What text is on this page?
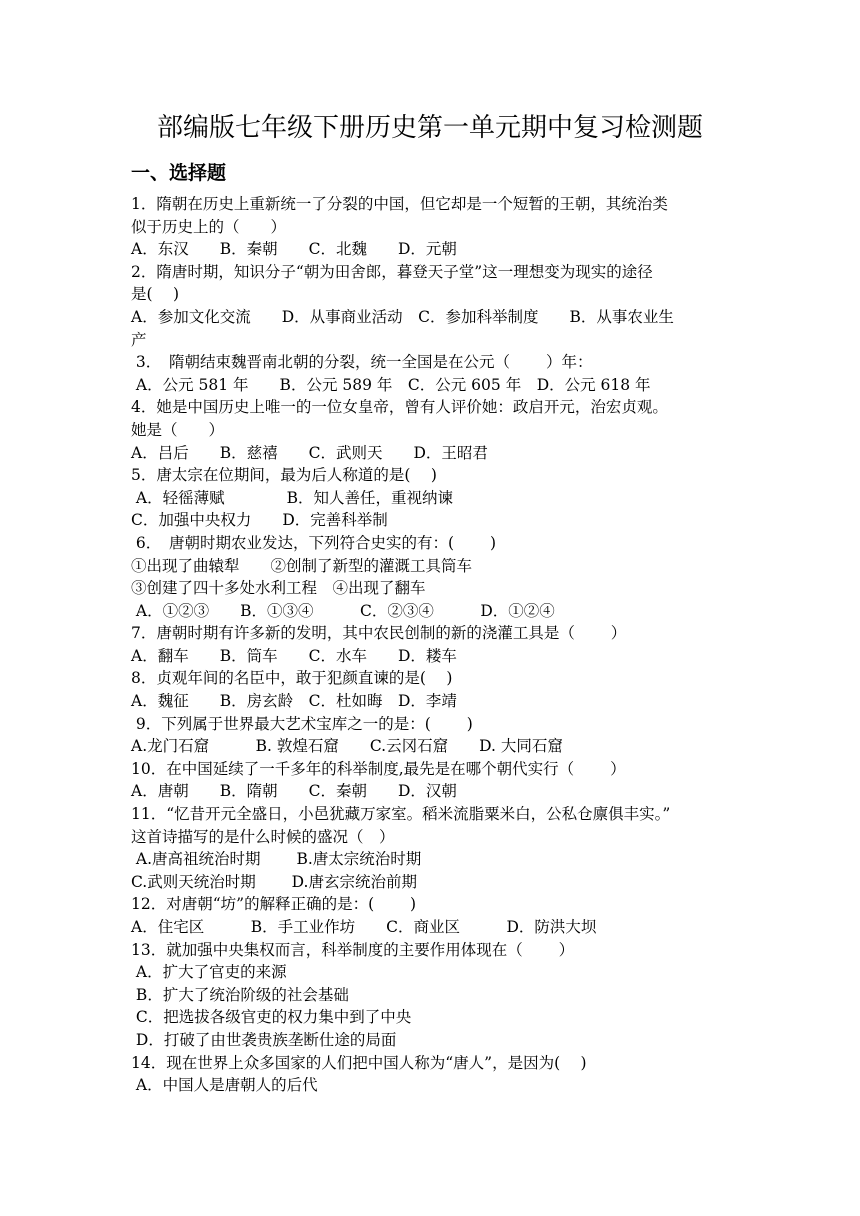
部编版七年级下册历史第一单元期中复习检测题
一、选择题
1．隋朝在历史上重新统一了分裂的中国，但它却是一个短暂的王朝，其统治类
似于历史上的（　　）
A．东汉　　B．秦朝　　C．北魏　　D．元朝
2．隋唐时期，知识分子“朝为田舍郎，暮登天子堂”这一理想变为现实的途径
是(　 )
A．参加文化交流　　D．从事商业活动　C．参加科举制度　　B．从事农业生
产
3．　隋朝结束魏晋南北朝的分裂，统一全国是在公元（　　 ）年：
A．公元 581 年　　B．公元 589 年　C．公元 605 年　D．公元 618 年
4．她是中国历史上唯一的一位女皇帝，曾有人评价她：政启开元，治宏贞观。
她是（　　）
A．吕后　　B．慈禧　　C．武则天　　D．王昭君
5．唐太宗在位期间，最为后人称道的是(　 )
A．轻徭薄赋　　　　B．知人善任，重视纳谏
C．加强中央权力　　D．完善科举制
6．　唐朝时期农业发达，下列符合史实的有：(　　 )
①出现了曲辕犁　　②创制了新型的灌溉工具筒车
③创建了四十多处水利工程　④出现了翻车
A．①②③　　B．①③④　　　C．②③④　　　D．①②④
7．唐朝时期有许多新的发明，其中农民创制的新的浇灌工具是（　　 ）
A．翻车　　B．筒车　　C．水车　　D．耧车
8．贞观年间的名臣中，敢于犯颜直谏的是(　 )
A．魏征　　B．房玄龄　C．杜如晦　D．李靖
9．下列属于世界最大艺术宝库之一的是：(　　 )
A.龙门石窟　　　B. 敦煌石窟　　C.云冈石窟　　D. 大同石窟
10．在中国延续了一千多年的科举制度,最先是在哪个朝代实行（　　 ）
A．唐朝　　B．隋朝　　C．秦朝　　D．汉朝
11．“忆昔开元全盛日，小邑犹藏万家室。稻米流脂粟米白，公私仓廪俱丰实。”
这首诗描写的是什么时候的盛况（　）
A.唐高祖统治时期　　 B.唐太宗统治时期
C.武则天统治时期　　 D.唐玄宗统治前期
12．对唐朝“坊”的解释正确的是：(　　 )
A．住宅区　　　B．手工业作坊　　C．商业区　　　D．防洪大坝
13．就加强中央集权而言，科举制度的主要作用体现在（　　 ）
A．扩大了官吏的来源
B．扩大了统治阶级的社会基础
C．把选拔各级官吏的权力集中到了中央
D．打破了由世袭贵族垄断仕途的局面
14．现在世界上众多国家的人们把中国人称为“唐人”，是因为(　 )
A．中国人是唐朝人的后代
